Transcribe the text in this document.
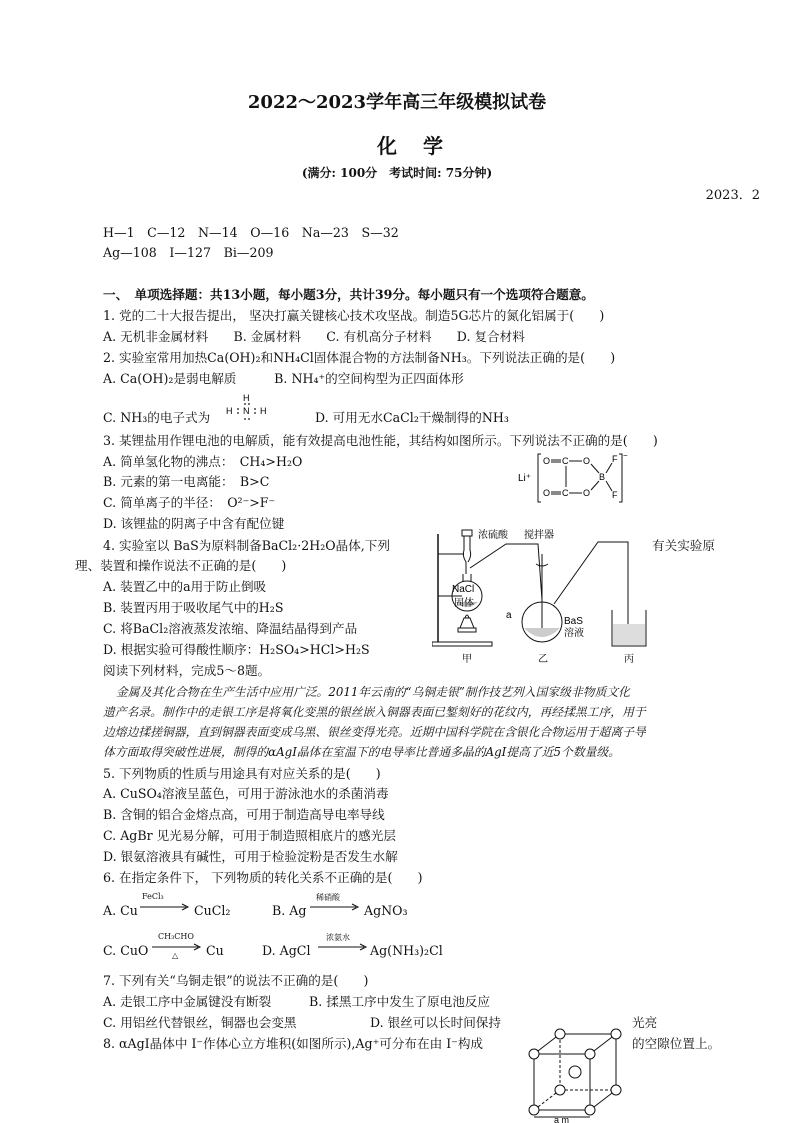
2022～2023学年高三年级模拟试卷
化学
(满分: 100分　考试时间: 75分钟)
2023．2
H—1　C—12　N—14　O—16　Na—23　S—32
Ag—108　I—127　Bi—209
一、　单项选择题：共13小题，每小题3分，共计39分。每小题只有一个选项符合题意。
1. 党的二十大报告提出， 坚决打赢关键核心技术攻坚战。制造5G芯片的氮化铝属于(　　)
A. 无机非金属材料　　B. 金属材料　　C. 有机高分子材料　　D. 复合材料
2. 实验室常用加热Ca(OH)₂和NH₄Cl固体混合物的方法制备NH₃。下列说法正确的是(　　)
A. Ca(OH)₂是弱电解质　　　B. NH₄⁺的空间构型为正四面体形
C. NH₃的电子式为
H
H N H	D. 可用无水CaCl₂干燥制得的NH₃
3. 某锂盐用作锂电池的电解质，能有效提高电池性能，其结构如图所示。下列说法不正确的是(　　)
A. 简单氢化物的沸点：　CH₄>H₂O
B. 元素的第一电离能：　B>C
C. 简单离子的半径：　O²⁻>F⁻
D. 该锂盐的阴离子中含有配位键
Li⁺
−
O
O
C
C
O
O
B
F
F
4. 实验室以 BaS为原料制备BaCl₂·2H₂O晶体,下列	有关实验原
理、装置和操作说法不正确的是(　　)
A. 装置乙中的a用于防止倒吸
B. 装置丙用于吸收尾气中的H₂S
C. 将BaCl₂溶液蒸发浓缩、降温结晶得到产品
D. 根据实验可得酸性顺序：H₂SO₄>HCl>H₂S
浓硫酸
NaCl
固体
a
搅拌器
BaS
溶液
甲	乙	丙
阅读下列材料，完成5～8题。
金属及其化合物在生产生活中应用广泛。2011年云南的“乌铜走银”制作技艺列入国家级非物质文化
遗产名录。制作中的走银工序是将氧化变黑的银丝嵌入铜器表面已錾刻好的花纹内，再经揉黑工序，用于
边熔边揉搓铜器，直到铜器表面变成乌黑、银丝变得光亮。近期中国科学院在含银化合物运用于超离子导
体方面取得突破性进展，制得的αAgI晶体在室温下的电导率比普通多晶的AgI提高了近5个数量级。
5. 下列物质的性质与用途具有对应关系的是(　　)
A. CuSO₄溶液呈蓝色，可用于游泳池水的杀菌消毒
B. 含铜的铝合金熔点高，可用于制造高导电率导线
C. AgBr 见光易分解，可用于制造照相底片的感光层
D. 银氨溶液具有碱性，可用于检验淀粉是否发生水解
6. 在指定条件下， 下列物质的转化关系不正确的是(　　)
A. Cu
FeCl₃
CuCl₂	B. Ag
稀硝酸
AgNO₃
C. CuO
CH₃CHO
△ Cu	D. AgCl
浓氨水
Ag(NH₃)₂Cl
7. 下列有关“乌铜走银”的说法不正确的是(　　)
A. 走银工序中金属键没有断裂　　　B. 揉黑工序中发生了原电池反应
C. 用铝丝代替银丝，铜器也会变黑	D. 银丝可以长时间保持	光亮
8. αAgI晶体中 I⁻作体心立方堆积(如图所示),Ag⁺可分布在由 I⁻构成	的空隙位置上。
a m
